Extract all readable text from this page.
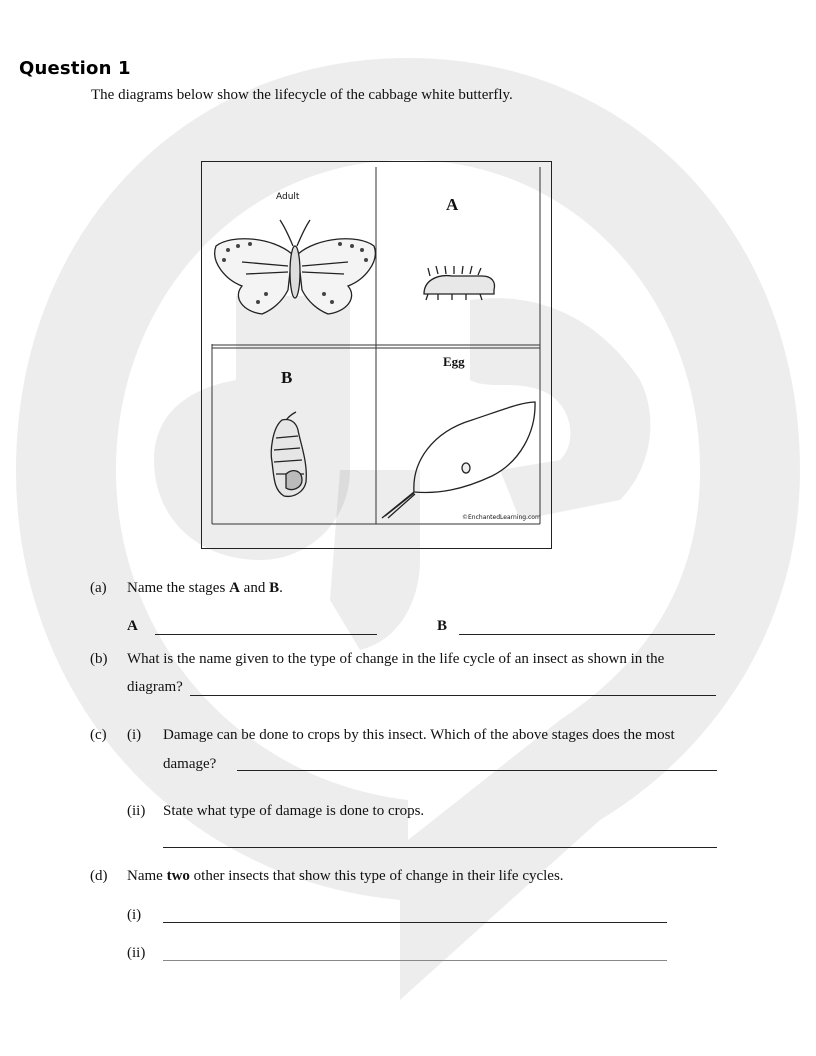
Question 1
The diagrams below show the lifecycle of the cabbage white butterfly.
Adult	A
B
Egg
©EnchantedLearning.com
(a) Name the stages A and B.
A	B
(b) What is the name given to the type of change in the life cycle of an insect as shown in the
diagram?
(c) (i) Damage can be done to crops by this insect. Which of the above stages does the most
damage?
(ii) State what type of damage is done to crops.
(d) Name two other insects that show this type of change in their life cycles.
(i)
(ii)
